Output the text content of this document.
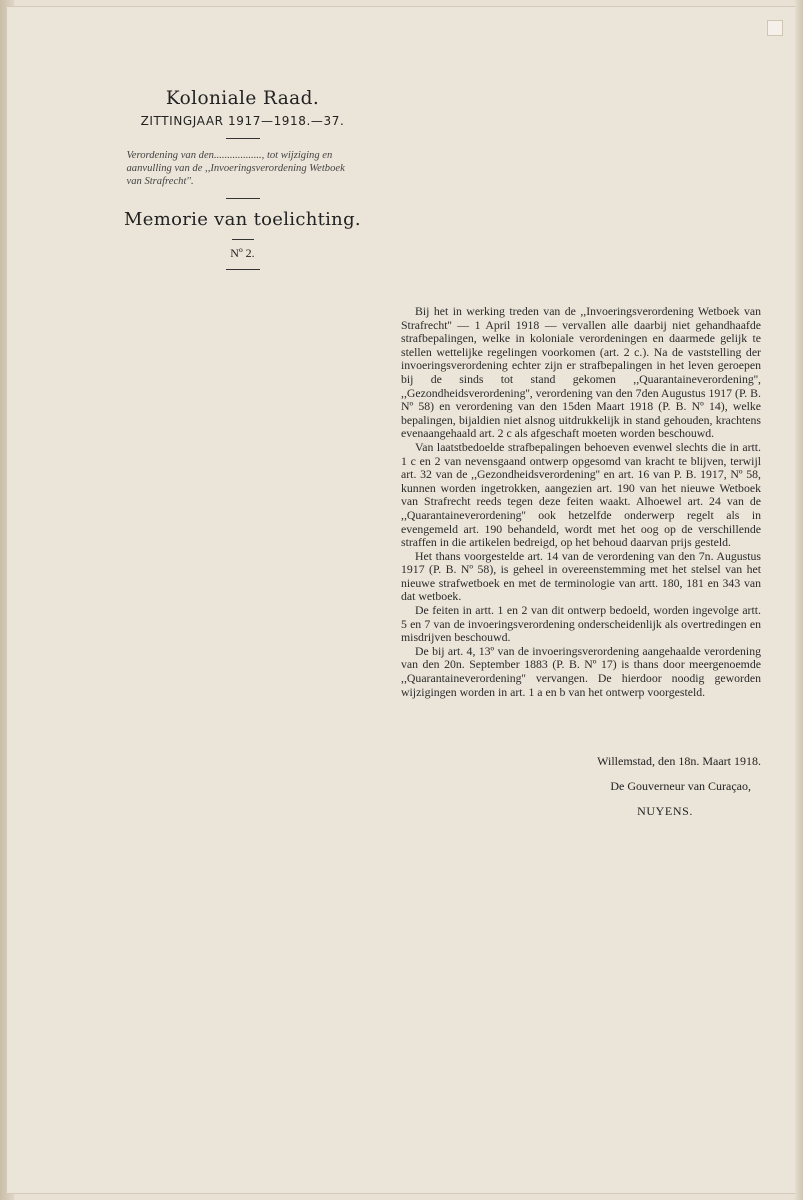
Koloniale Raad.
ZITTINGJAAR 1917—1918.—37.
Verordening van den.................., tot wijziging en aanvulling van de ,,Invoeringsverordening Wetboek van Strafrecht''.
Memorie van toelichting.
Nº 2.

Bij het in werking treden van de ,,Invoeringsverordening Wetboek van Strafrecht'' — 1 April 1918 — vervallen alle daarbij niet gehandhaafde strafbepalingen, welke in koloniale verordeningen en daarmede gelijk te stellen wettelijke regelingen voorkomen (art. 2 c.). Na de vaststelling der invoeringsverordening echter zijn er strafbepalingen in het leven geroepen bij de sinds tot stand gekomen ,,Quarantaineverordening'', ,,Gezondheidsverordening'', verordening van den 7den Augustus 1917 (P. B. Nº 58) en verordening van den 15den Maart 1918 (P. B. Nº 14), welke bepalingen, bijaldien niet alsnog uitdrukkelijk in stand gehouden, krachtens evenaangehaald art. 2 c als afgeschaft moeten worden beschouwd.

Van laatstbedoelde strafbepalingen behoeven evenwel slechts die in artt. 1 c en 2 van nevensgaand ontwerp opgesomd van kracht te blijven, terwijl art. 32 van de ,,Gezondheidsverordening'' en art. 16 van P. B. 1917, Nº 58, kunnen worden ingetrokken, aangezien art. 190 van het nieuwe Wetboek van Strafrecht reeds tegen deze feiten waakt. Alhoewel art. 24 van de ,,Quarantaineverordening'' ook hetzelfde onderwerp regelt als in evengemeld art. 190 behandeld, wordt met het oog op de verschillende straffen in die artikelen bedreigd, op het behoud daarvan prijs gesteld.

Het thans voorgestelde art. 14 van de verordening van den 7n. Augustus 1917 (P. B. Nº 58), is geheel in overeenstemming met het stelsel van het nieuwe strafwetboek en met de terminologie van artt. 180, 181 en 343 van dat wetboek.

De feiten in artt. 1 en 2 van dit ontwerp bedoeld, worden ingevolge artt. 5 en 7 van de invoeringsverordening onderscheidenlijk als overtredingen en misdrijven beschouwd.

De bij art. 4, 13º van de invoeringsverordening aangehaalde verordening van den 20n. September 1883 (P. B. Nº 17) is thans door meergenoemde ,,Quarantaineverordening'' vervangen. De hierdoor noodig geworden wijzigingen worden in art. 1 a en b van het ontwerp voorgesteld.

Willemstad, den 18n. Maart 1918.
De Gouverneur van Curaçao,
NUYENS.
